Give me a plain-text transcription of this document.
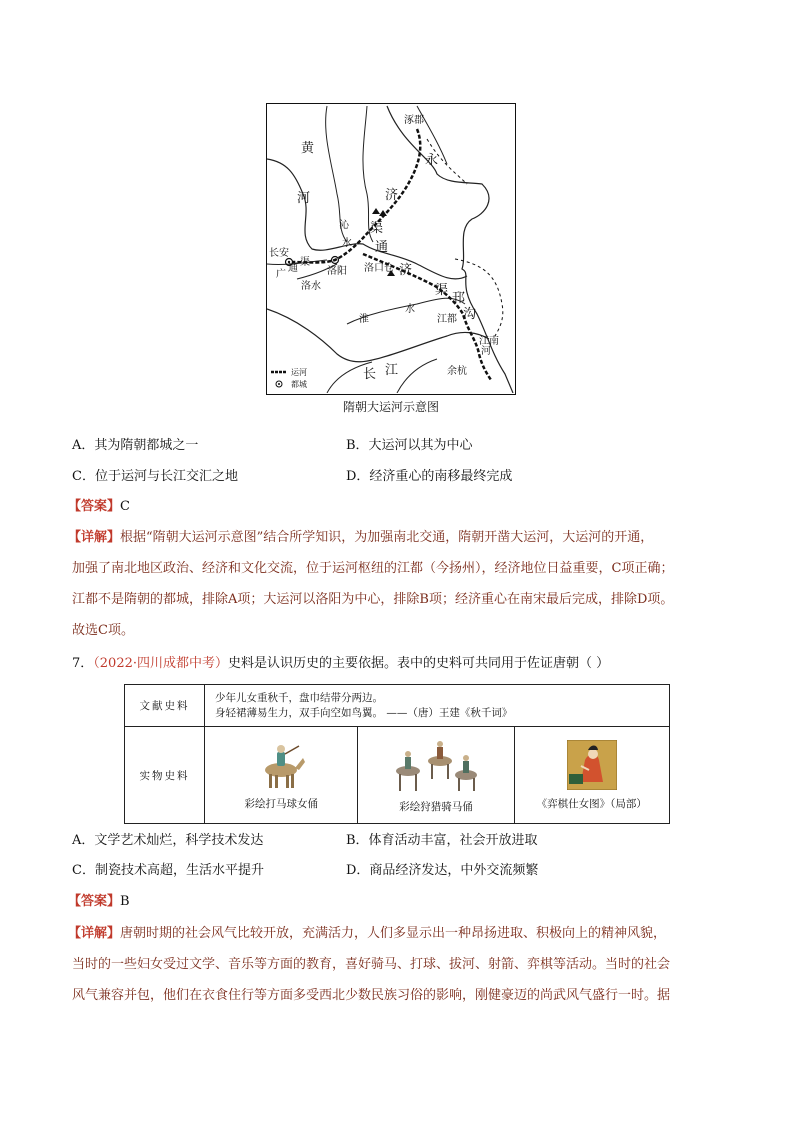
涿郡
黄
河
永
济
渠
沁
水
长安
广
通
渠
洛阳 洛口仓
通
济
渠
洛水
淮
水
邗
沟
江都
江南
河
长 江	余杭
运河
都城
隋朝大运河示意图
A．其为隋朝都城之一	B．大运河以其为中心
C．位于运河与长江交汇之地	D．经济重心的南移最终完成
【答案】C
【详解】根据“隋朝大运河示意图”结合所学知识，为加强南北交通，隋朝开凿大运河，大运河的开通，
加强了南北地区政治、经济和文化交流，位于运河枢纽的江都（今扬州），经济地位日益重要，C项正确；
江都不是隋朝的都城，排除A项；大运河以洛阳为中心，排除B项；经济重心在南宋最后完成，排除D项。
故选C项。
7．（2022·四川成都中考）史料是认识历史的主要依据。表中的史料可共同用于佐证唐朝（ ）
文献史料	少年儿女重秋千，盘巾结带分两边。
身轻裙薄易生力，双手向空如鸟翼。 ——（唐）王建《秋千词》		

实物史料	彩绘打马球女俑	彩绘狩猎骑马俑	《弈棋仕女图》（局部）
A．文学艺术灿烂，科学技术发达	B．体育活动丰富，社会开放进取
C．制瓷技术高超，生活水平提升	D．商品经济发达，中外交流频繁
【答案】B
【详解】唐朝时期的社会风气比较开放，充满活力，人们多显示出一种昂扬进取、积极向上的精神风貌，
当时的一些妇女受过文学、音乐等方面的教育，喜好骑马、打球、拔河、射箭、弈棋等活动。当时的社会
风气兼容并包，他们在衣食住行等方面多受西北少数民族习俗的影响，刚健豪迈的尚武风气盛行一时。据
